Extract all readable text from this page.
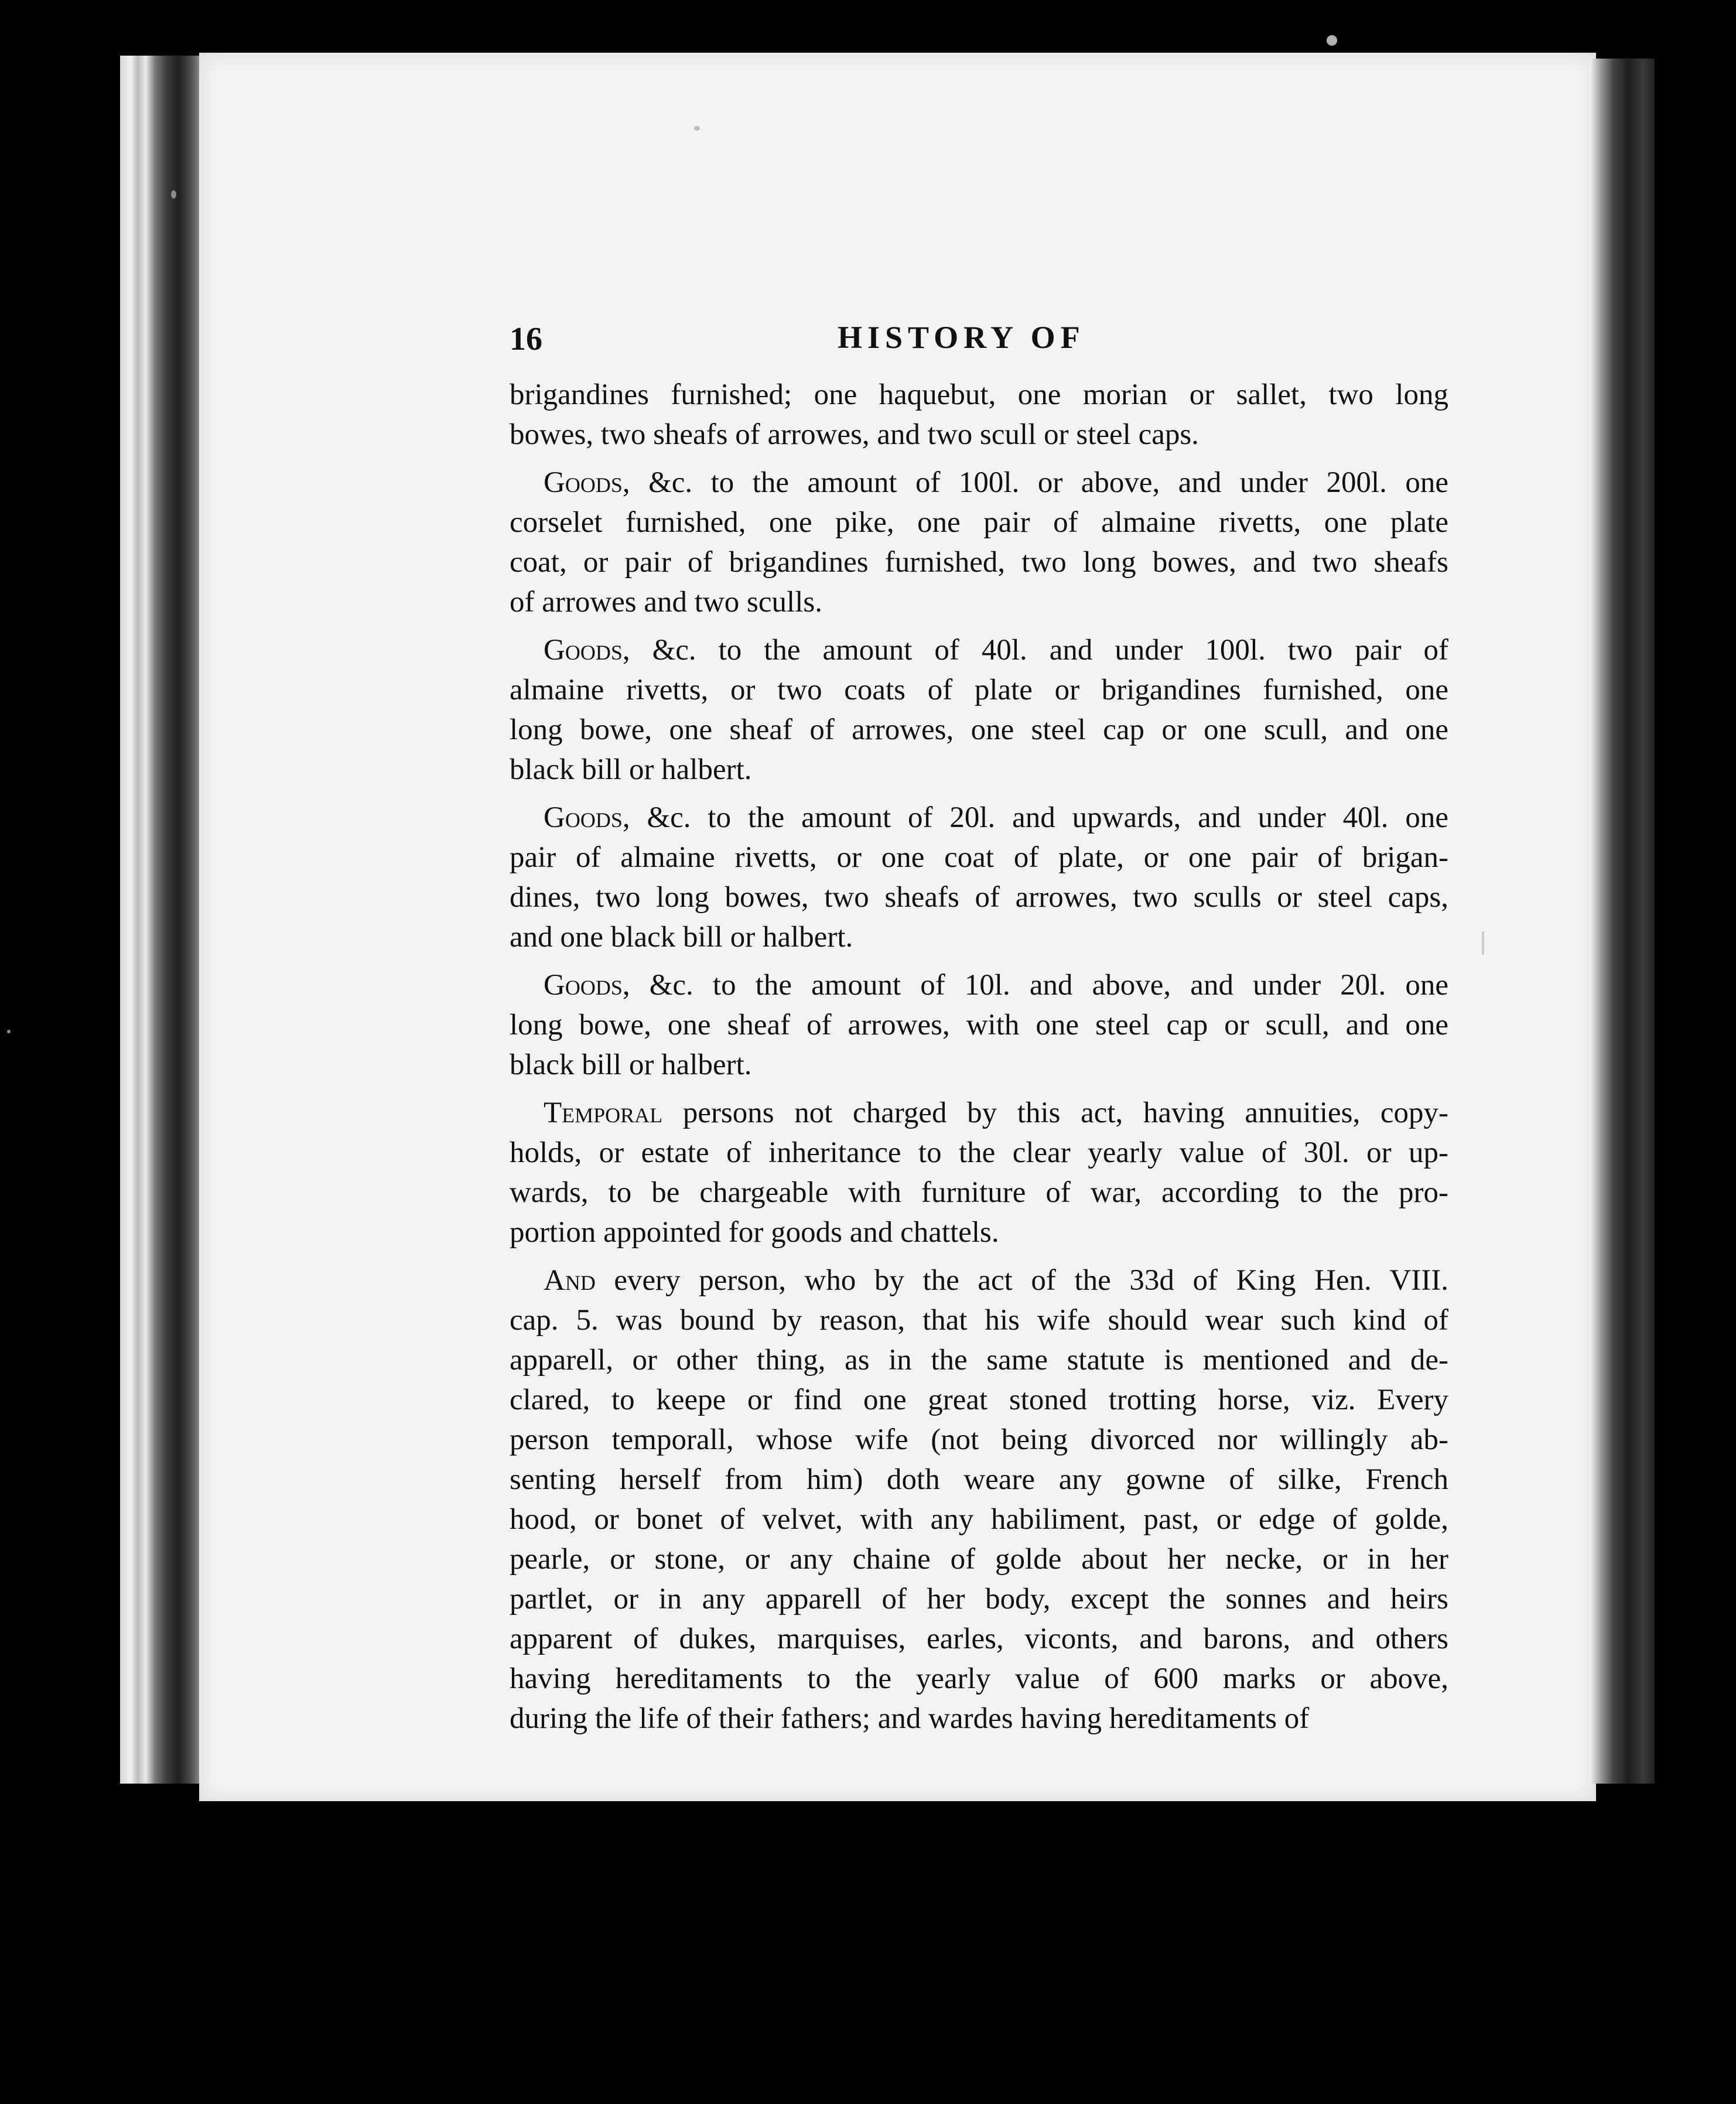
16	HISTORY OF
brigandines furnished; one haquebut, one morian or sallet, two long
bowes, two sheafs of arrowes, and two scull or steel caps.
Goods, &c. to the amount of 100l. or above, and under 200l. one
corselet furnished, one pike, one pair of almaine rivetts, one plate
coat, or pair of brigandines furnished, two long bowes, and two sheafs
of arrowes and two sculls.
Goods, &c. to the amount of 40l. and under 100l. two pair of
almaine rivetts, or two coats of plate or brigandines furnished, one
long bowe, one sheaf of arrowes, one steel cap or one scull, and one
black bill or halbert.
Goods, &c. to the amount of 20l. and upwards, and under 40l. one
pair of almaine rivetts, or one coat of plate, or one pair of brigan-
dines, two long bowes, two sheafs of arrowes, two sculls or steel caps,
and one black bill or halbert.
Goods, &c. to the amount of 10l. and above, and under 20l. one
long bowe, one sheaf of arrowes, with one steel cap or scull, and one
black bill or halbert.
Temporal persons not charged by this act, having annuities, copy-
holds, or estate of inheritance to the clear yearly value of 30l. or up-
wards, to be chargeable with furniture of war, according to the pro-
portion appointed for goods and chattels.
And every person, who by the act of the 33d of King Hen. VIII.
cap. 5. was bound by reason, that his wife should wear such kind of
apparell, or other thing, as in the same statute is mentioned and de-
clared, to keepe or find one great stoned trotting horse, viz. Every
person temporall, whose wife (not being divorced nor willingly ab-
senting herself from him) doth weare any gowne of silke, French
hood, or bonet of velvet, with any habiliment, past, or edge of golde,
pearle, or stone, or any chaine of golde about her necke, or in her
partlet, or in any apparell of her body, except the sonnes and heirs
apparent of dukes, marquises, earles, viconts, and barons, and others
having hereditaments to the yearly value of 600 marks or above,
during the life of their fathers; and wardes having hereditaments of
